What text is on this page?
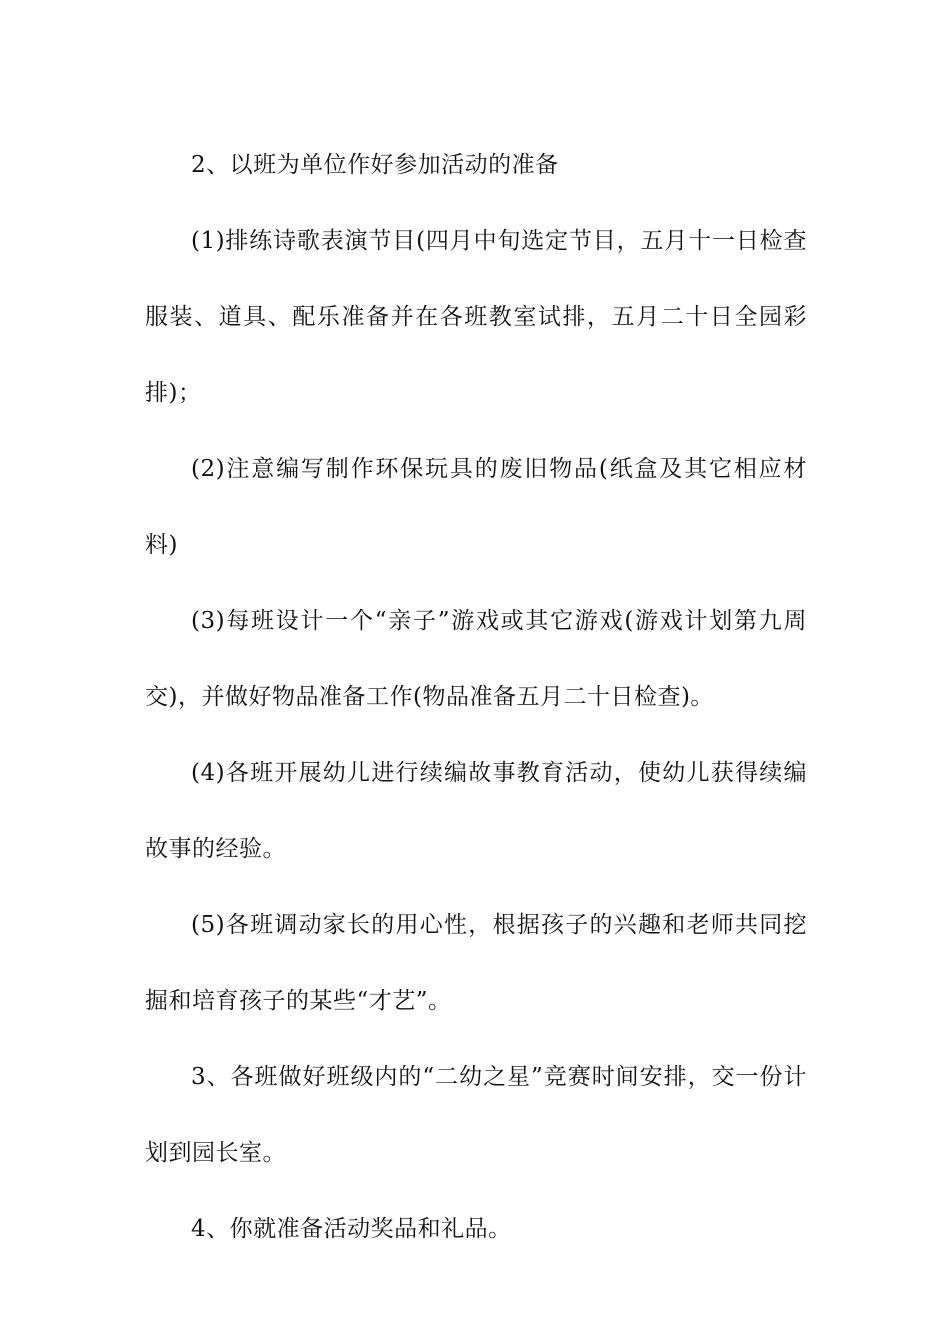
2、以班为单位作好参加活动的准备

(1)排练诗歌表演节目(四月中旬选定节目，五月十一日检查服装、道具、配乐准备并在各班教室试排，五月二十日全园彩排)；

(2)注意编写制作环保玩具的废旧物品(纸盒及其它相应材料)

(3)每班设计一个“亲子”游戏或其它游戏(游戏计划第九周交)，并做好物品准备工作(物品准备五月二十日检查)。

(4)各班开展幼儿进行续编故事教育活动，使幼儿获得续编故事的经验。

(5)各班调动家长的用心性，根据孩子的兴趣和老师共同挖掘和培育孩子的某些“才艺”。

3、各班做好班级内的“二幼之星”竞赛时间安排，交一份计划到园长室。

4、你就准备活动奖品和礼品。
